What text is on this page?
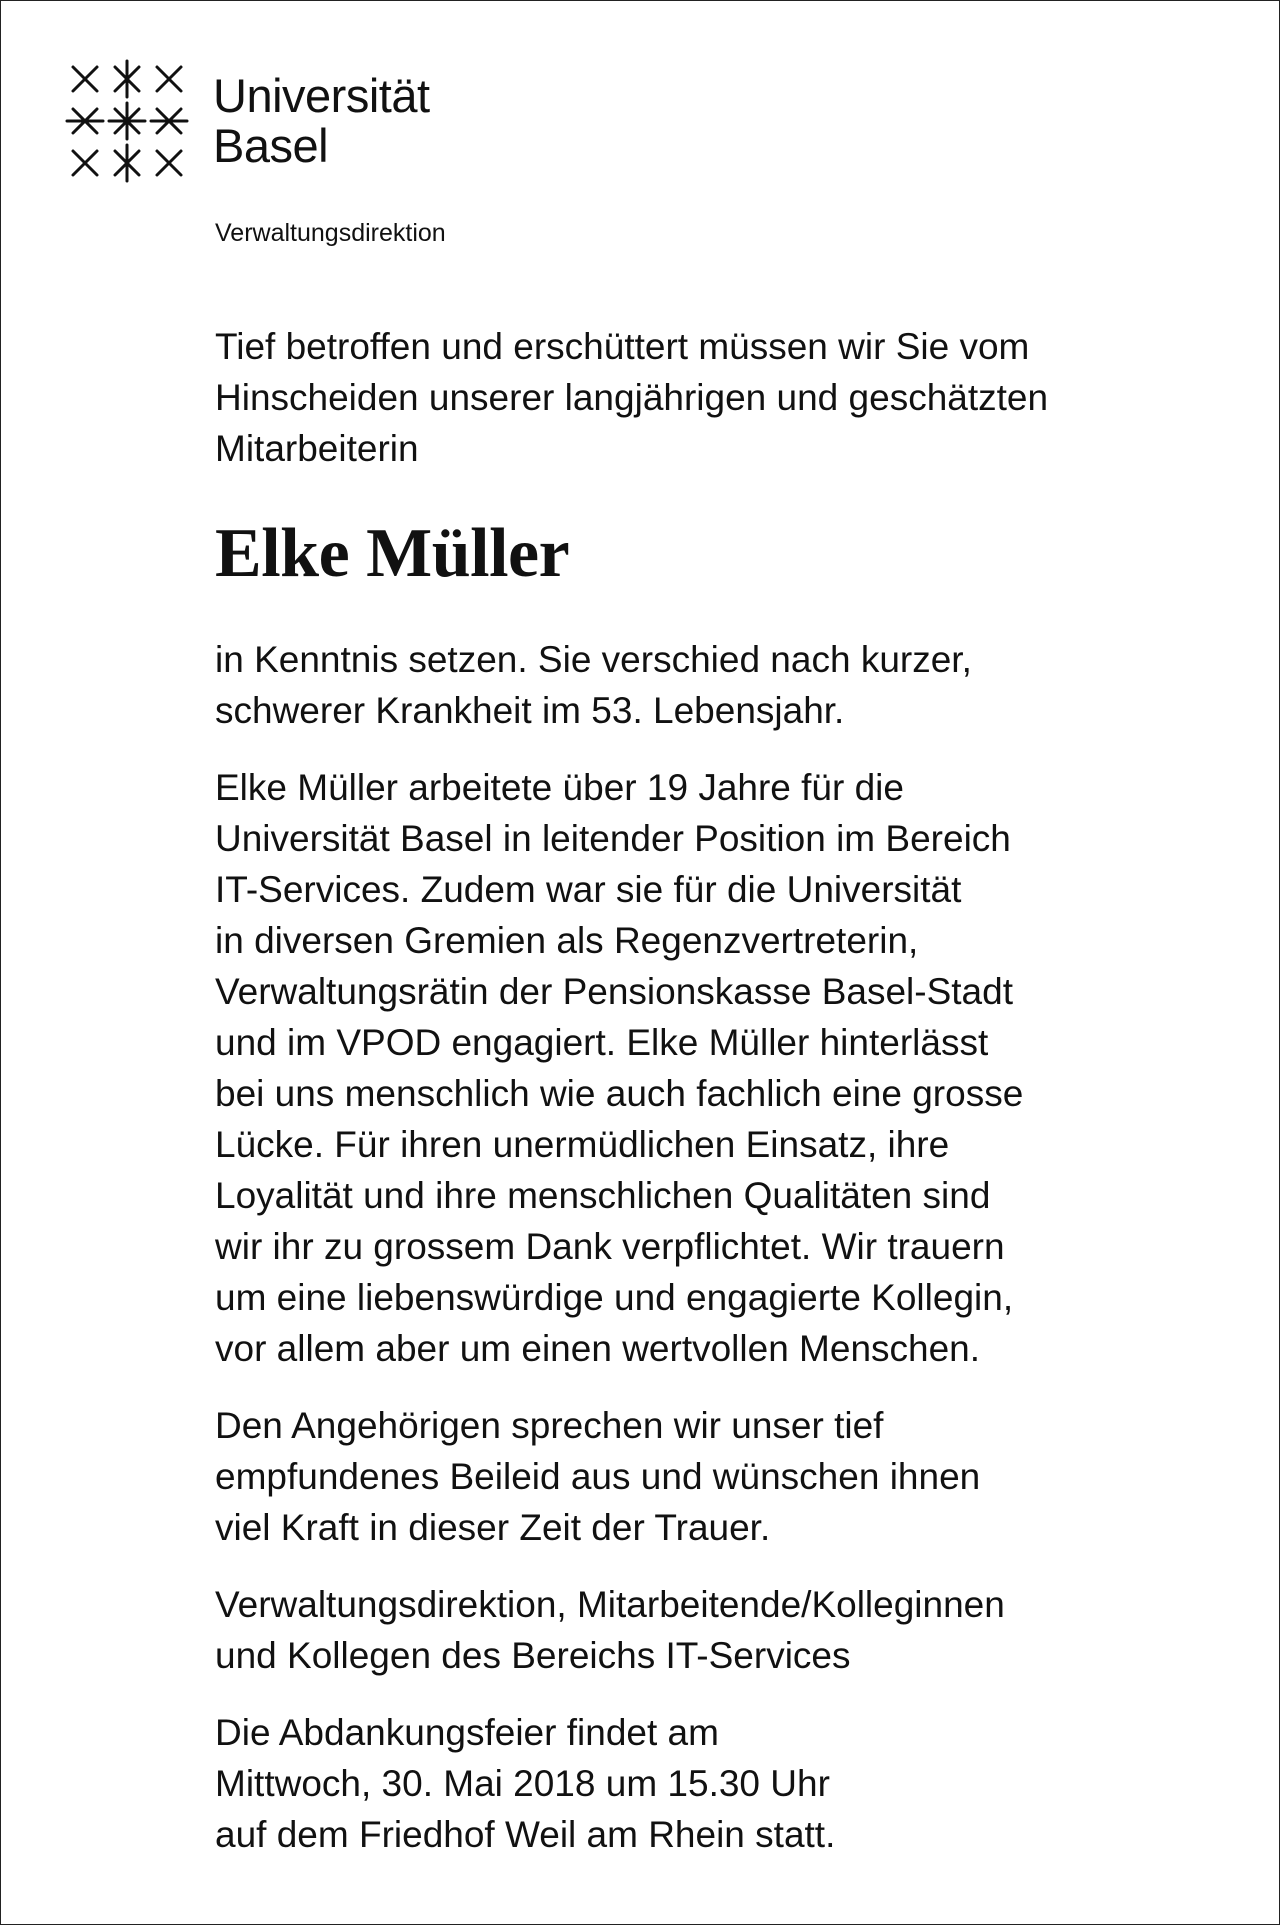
Universität
Basel
Verwaltungsdirektion

Tief betroffen und erschüttert müssen wir Sie vom
Hinscheiden unserer langjährigen und geschätzten
Mitarbeiterin

Elke Müller

in Kenntnis setzen. Sie verschied nach kurzer,
schwerer Krankheit im 53. Lebensjahr.

Elke Müller arbeitete über 19 Jahre für die
Universität Basel in leitender Position im Bereich
IT-Services. Zudem war sie für die Universität
in diversen Gremien als Regenzvertreterin,
Verwaltungsrätin der Pensionskasse Basel-Stadt
und im VPOD engagiert. Elke Müller hinterlässt
bei uns menschlich wie auch fachlich eine grosse
Lücke. Für ihren unermüdlichen Einsatz, ihre
Loyalität und ihre menschlichen Qualitäten sind
wir ihr zu grossem Dank verpflichtet. Wir trauern
um eine liebenswürdige und engagierte Kollegin,
vor allem aber um einen wertvollen Menschen.

Den Angehörigen sprechen wir unser tief
empfundenes Beileid aus und wünschen ihnen
viel Kraft in dieser Zeit der Trauer.

Verwaltungsdirektion, Mitarbeitende/Kolleginnen
und Kollegen des Bereichs IT-Services

Die Abdankungsfeier findet am
Mittwoch, 30. Mai 2018 um 15.30 Uhr
auf dem Friedhof Weil am Rhein statt.
